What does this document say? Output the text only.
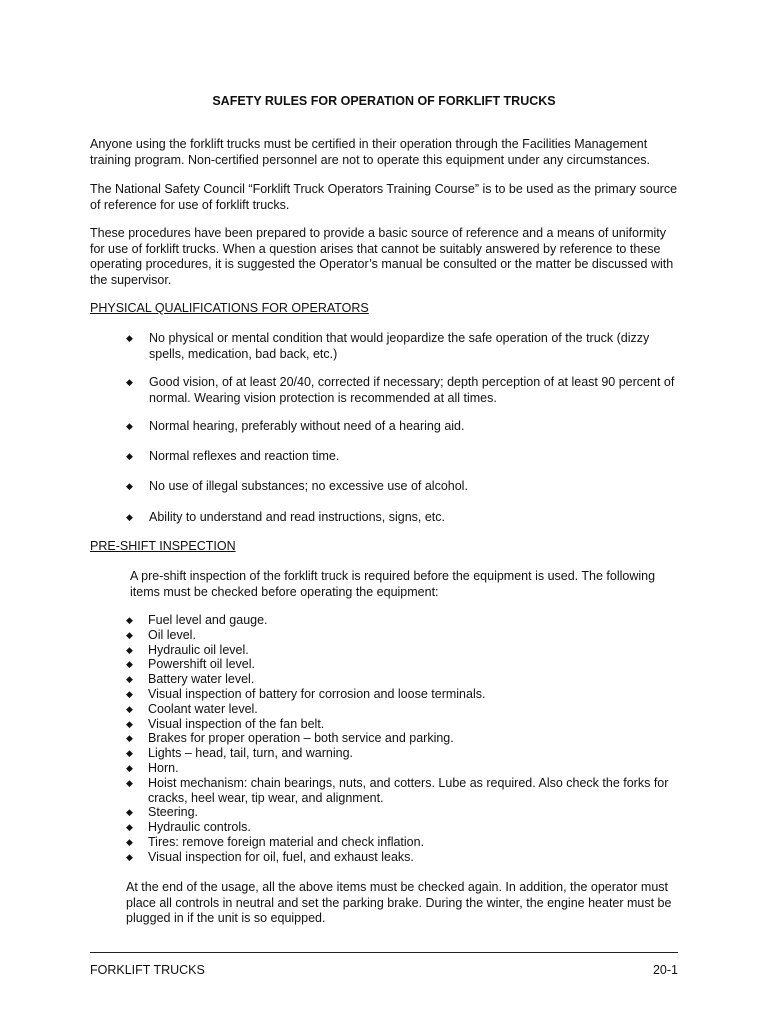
SAFETY RULES FOR OPERATION OF FORKLIFT TRUCKS
Anyone using the forklift trucks must be certified in their operation through the Facilities Management training program. Non-certified personnel are not to operate this equipment under any circumstances.
The National Safety Council “Forklift Truck Operators Training Course” is to be used as the primary source of reference for use of forklift trucks.
These procedures have been prepared to provide a basic source of reference and a means of uniformity for use of forklift trucks. When a question arises that cannot be suitably answered by reference to these operating procedures, it is suggested the Operator’s manual be consulted or the matter be discussed with the supervisor.
PHYSICAL QUALIFICATIONS FOR OPERATORS
◆ No physical or mental condition that would jeopardize the safe operation of the truck (dizzy spells, medication, bad back, etc.)
◆ Good vision, of at least 20/40, corrected if necessary; depth perception of at least 90 percent of normal. Wearing vision protection is recommended at all times.
◆ Normal hearing, preferably without need of a hearing aid.
◆ Normal reflexes and reaction time.
◆ No use of illegal substances; no excessive use of alcohol.
◆ Ability to understand and read instructions, signs, etc.
PRE-SHIFT INSPECTION
A pre-shift inspection of the forklift truck is required before the equipment is used. The following items must be checked before operating the equipment:
◆ Fuel level and gauge.
◆ Oil level.
◆ Hydraulic oil level.
◆ Powershift oil level.
◆ Battery water level.
◆ Visual inspection of battery for corrosion and loose terminals.
◆ Coolant water level.
◆ Visual inspection of the fan belt.
◆ Brakes for proper operation – both service and parking.
◆ Lights – head, tail, turn, and warning.
◆ Horn.
◆ Hoist mechanism: chain bearings, nuts, and cotters. Lube as required. Also check the forks for cracks, heel wear, tip wear, and alignment.
◆ Steering.
◆ Hydraulic controls.
◆ Tires: remove foreign material and check inflation.
◆ Visual inspection for oil, fuel, and exhaust leaks.
At the end of the usage, all the above items must be checked again. In addition, the operator must place all controls in neutral and set the parking brake. During the winter, the engine heater must be plugged in if the unit is so equipped.
FORKLIFT TRUCKS	20-1
